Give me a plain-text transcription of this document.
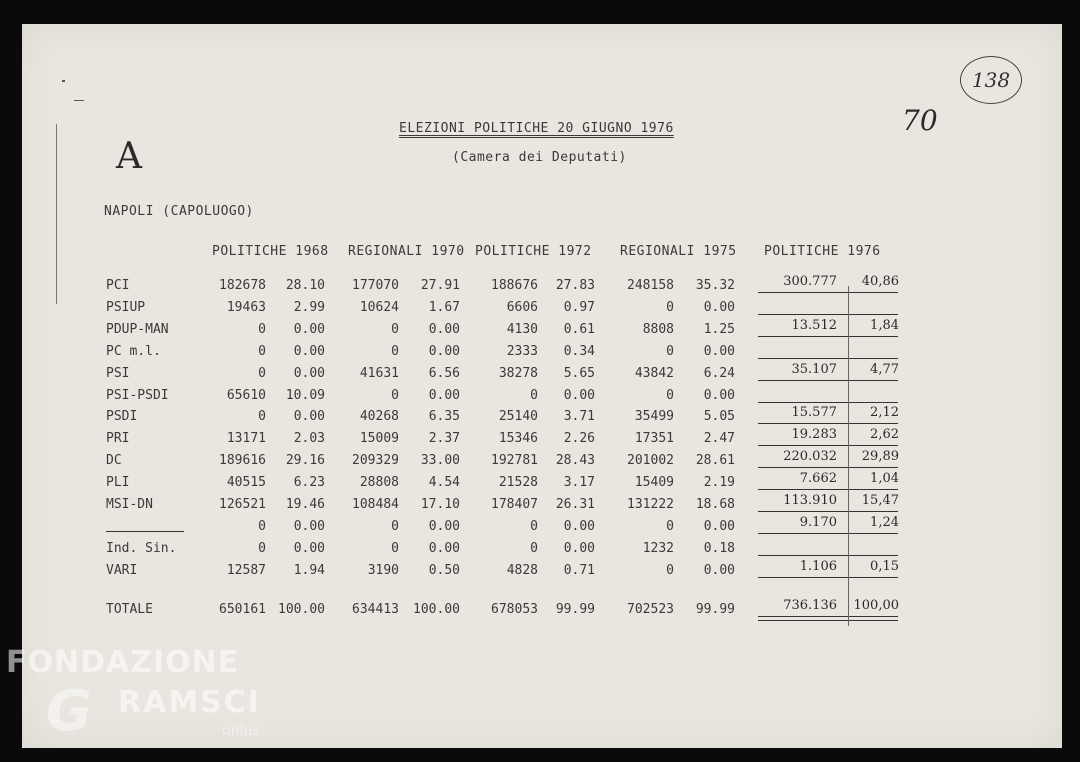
138
70
A
ELEZIONI POLITICHE 20 GIUGNO 1976
(Camera dei Deputati)
NAPOLI (CAPOLUOGO)
POLITICHE 1968 REGIONALI 1970 POLITICHE 1972 REGIONALI 1975 POLITICHE 1976
PCI	182678 28.10 177070 27.91 188676 27.83 248158 35.32	300.777 40,86
PSIUP	19463 2.99	10624 1.67	6606 0.97	0 0.00
PDUP-MAN	0 0.00	0 0.00	4130 0.61	8808 1.25	13.512	1,84
PC m.l.	0 0.00	0 0.00	2333 0.34	0 0.00
PSI	0 0.00	41631 6.56	38278 5.65	43842 6.24	35.107	4,77
PSI-PSDI	65610 10.09	0 0.00	0 0.00	0 0.00
PSDI	0 0.00	40268 6.35	25140 3.71	35499 5.05	15.577	2,12
PRI	13171 2.03	15009 2.37	15346 2.26	17351 2.47	19.283	2,62
DC	189616 29.16 209329 33.00 192781 28.43 201002 28.61	220.032 29,89
PLI	40515 6.23	28808 4.54	21528 3.17	15409 2.19	7.662	1,04
MSI-DN	126521 19.46 108484 17.10 178407 26.31 131222 18.68	113.910 15,47
0 0.00	0 0.00	0 0.00	0 0.00	9.170	1,24
Ind. Sin.	0 0.00	0 0.00	0 0.00	1232 0.18
VARI	12587 1.94	3190 0.50	4828 0.71	0 0.00	1.106	0,15
TOTALE	650161 100.00 634413 100.00 678053 99.99 702523 99.99	736.136 100,00
FONDAZIONE
G RAMSCI
onlus
